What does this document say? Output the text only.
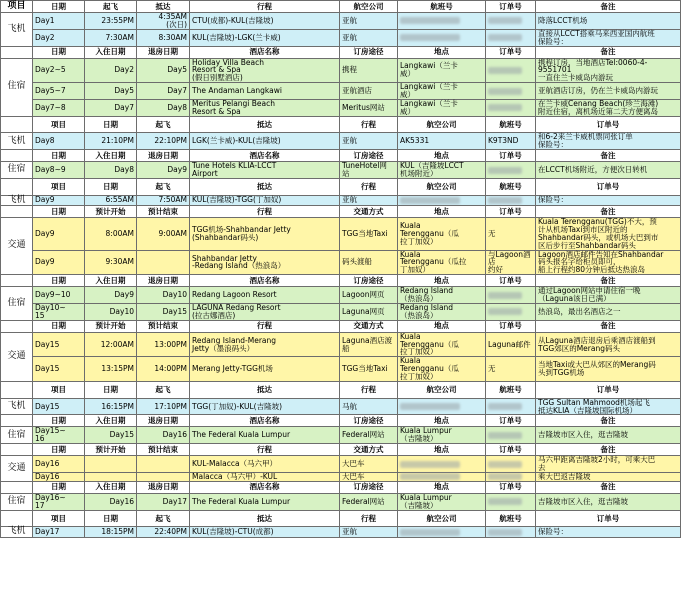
项目	日期	起飞	抵达	行程	航空公司	航班号	订单号	备注	
飞机	Day1	23:55PM	4:35AM
(次日)	CTU(成都)-KUL(吉隆坡)	亚航			降落LCCT机场	
	Day2	7:30AM	8:30AM	KUL(吉隆坡)-LGK(兰卡威)	亚航			直接从LCCT搭乘马来西亚国内航班
保险号：	
	日期	入住日期	退房日期	酒店名称	订房途径	地点	订单号	备注	
住宿	Day2~5	Day2	Day5	Holiday Villa Beach
Resort & Spa
(假日别墅酒店)	携程	Langkawi（兰卡
威）		携程订房，当地酒店Tel:0060-4-
9551701
一直住兰卡威岛内游玩	
	Day5~7	Day5	Day7	The Andaman Langkawi	亚航酒店	Langkawi（兰卡
威）		亚航酒店订房，仍在兰卡威岛内游玩	
	Day7~8	Day7	Day8	Meritus Pelangi Beach
Resort & Spa	Meritus网站	Langkawi（兰卡
威）		在兰卡威Cenang Beach(珍兰海滩)
附近住宿，离机场近第二天方便离岛	
	项目	日期	起飞	抵达	行程	航空公司	航班号	订单号	
飞机	Day8	21:10PM	22:10PM	LGK(兰卡威)-KUL(吉隆坡)	亚航	AK5331	K9T3ND	和6-2来兰卡威机票同张订单
保险号：	
	日期	入住日期	退房日期	酒店名称	订房途径	地点	订单号	备注	
住宿	Day8~9	Day8	Day9	Tune Hotels KLIA-LCCT
Airport	TuneHotel网
站	KUL（吉隆坡LCCT
机场附近）		在LCCT机场附近，方便次日转机	
	项目	日期	起飞	抵达	行程	航空公司	航班号	订单号	
飞机	Day9	6:55AM	7:50AM	KUL(吉隆坡)-TGG(丁加奴)	亚航			保险号：	
	日期	预计开始	预计结束	行程	交通方式	地点	订单号	备注	
交通	Day9	8:00AM	9:00AM	TGG机场-Shahbandar Jetty
(Shahbandar码头)	TGG当地Taxi	Kuala
Terengganu（瓜
拉丁加奴）	无	Kuala Terengganu(TGG)不大，预
计从机场Taxi到市区附近的
Shahbandar码头，或机场大巴到市
区后步行至Shahbandar码头	
	Day9	9:30AM		Shahbandar Jetty
-Redang Island（热浪岛）	码头渡船	Kuala
Terengganu（瓜拉
丁加奴）	与Lagoon酒店
约好	Lagoon酒店邮件告知在Shahbandar
码头报名字给柜员即可，
船上行程约80分钟后抵达热浪岛	
	日期	入住日期	退房日期	酒店名称	订房途径	地点	订单号	备注	
住宿	Day9~10	Day9	Day10	Redang Lagoon Resort	Lagoon网页	Redang Island
（热浪岛）		通过Lagoon网站申请住宿一晚
（Laguna该日已满）	
	Day10~
15	Day10	Day15	LAGUNA Redang Resort
(拉古娜酒店)	Laguna网页	Redang Island
（热浪岛）		热浪岛，最出名酒店之一	
	日期	预计开始	预计结束	行程	交通方式	地点	订单号	备注	
交通	Day15	12:00AM	13:00PM	Redang Island-Merang
Jetty（墨浪码头）	Laguna酒店渡
船	Kuala
Terengganu（瓜
拉丁加奴）	Laguna邮件	从Laguna酒店退房后乘酒店渡船到
TGG郊区的Merang码头	
	Day15	13:15PM	14:00PM	Merang Jetty-TGG机场	TGG当地Taxi	Kuala
Terengganu（瓜
拉丁加奴）	无	当地Taxi或大巴从郊区的Merang码
头到TGG机场	
	项目	日期	起飞	抵达	行程	航空公司	航班号	订单号	
飞机	Day15	16:15PM	17:10PM	TGG(丁加奴)-KUL(吉隆坡)	马航			TGG Sultan Mahmood机场起飞
抵达KLIA（吉隆坡国际机场）	
	日期	入住日期	退房日期	酒店名称	订房途径	地点	订单号	备注	
住宿	Day15~
16	Day15	Day16	The Federal Kuala Lumpur	Federal网站	Kuala Lumpur
（吉隆坡）		吉隆坡市区入住，逛吉隆坡	
	日期	预计开始	预计结束	行程	交通方式	地点	订单号	备注	
交通	Day16			KUL-Malacca（马六甲）	大巴车			马六甲距离吉隆坡2小时，可乘大巴
去	
	Day16			Malacca（马六甲）-KUL	大巴车			乘大巴返吉隆坡	
	日期	入住日期	退房日期	酒店名称	订房途径	地点	订单号	备注	
住宿	Day16~
17	Day16	Day17	The Federal Kuala Lumpur	Federal网站	Kuala Lumpur
（吉隆坡）		吉隆坡市区入住，逛吉隆坡	
	项目	日期	起飞	抵达	行程	航空公司	航班号	订单号	
飞机	Day17	18:15PM	22:40PM	KUL(吉隆坡)-CTU(成都)	亚航			保险号：	
